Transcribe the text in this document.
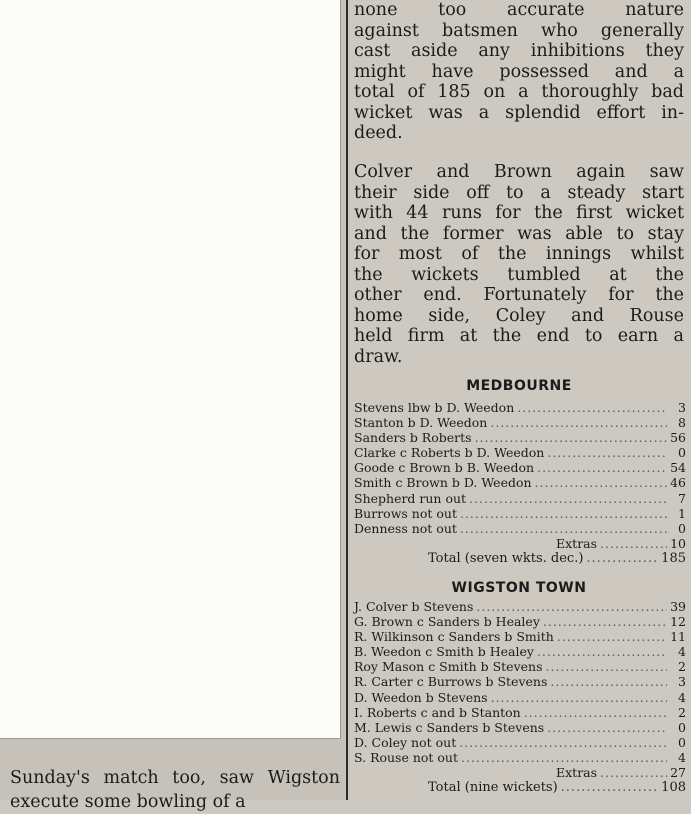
Sunday's match too, saw Wigston execute some bowling of a

none too accurate nature
against batsmen who generally
cast aside any inhibitions they
might have possessed and a
total of 185 on a thoroughly bad
wicket was a splendid effort in-
deed.
Colver and Brown again saw
their side off to a steady start
with 44 runs for the first wicket
and the former was able to stay
for most of the innings whilst
the wickets tumbled at the
other end. Fortunately for the
home side, Coley and Rouse
held firm at the end to earn a
draw.
MEDBOURNE
Stevens lbw b D. Weedon .....	3
Stanton b D. Weedon .....	8
Sanders b Roberts .....	56
Clarke c Roberts b D. Weedon .....	0
Goode c Brown b B. Weedon .....	54
Smith c Brown b D. Weedon .....	46
Shepherd run out .....	7
Burrows not out .....	1
Denness not out .....	0
Extras .....	10
Total (seven wkts. dec.) .....	185
WIGSTON TOWN
J. Colver b Stevens .....	39
G. Brown c Sanders b Healey .....	12
R. Wilkinson c Sanders b Smith .....	11
B. Weedon c Smith b Healey .....	4
Roy Mason c Smith b Stevens .....	2
R. Carter c Burrows b Stevens .....	3
D. Weedon b Stevens .....	4
I. Roberts c and b Stanton .....	2
M. Lewis c Sanders b Stevens .....	0
D. Coley not out .....	0
S. Rouse not out .....	4
Extras .....	27
Total (nine wickets) .....	108
